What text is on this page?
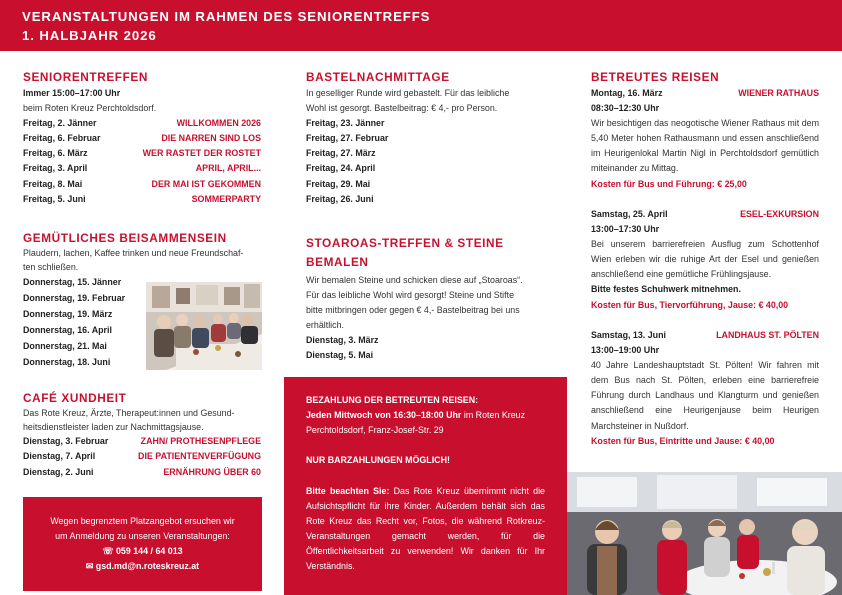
VERANSTALTUNGEN IM RAHMEN DES SENIORENTREFFS
1. HALBJAHR 2026
SENIORENTREFFEN
Immer 15:00–17:00 Uhr
beim Roten Kreuz Perchtoldsdorf.
Freitag, 2. Jänner	WILLKOMMEN 2026
Freitag, 6. Februar	DIE NARREN SIND LOS
Freitag, 6. März	WER RASTET DER ROSTET
Freitag, 3. April	APRIL, APRIL...
Freitag, 8. Mai	DER MAI IST GEKOMMEN
Freitag, 5. Juni	SOMMERPARTY
GEMÜTLICHES BEISAMMENSEIN
Plaudern, lachen, Kaffee trinken und neue Freundschaf-
ten schließen.
Donnerstag, 15. Jänner
Donnerstag, 19. Februar
Donnerstag, 19. März
Donnerstag, 16. April
Donnerstag, 21. Mai
Donnerstag, 18. Juni
CAFÉ XUNDHEIT
Das Rote Kreuz, Ärzte, Therapeut:innen und Gesund-
heitsdienstleister laden zur Nachmittagsjause.
Dienstag, 3. Februar	ZAHN/ PROTHESENPFLEGE
Dienstag, 7. April	DIE PATIENTENVERFÜGUNG
Dienstag, 2. Juni	ERNÄHRUNG ÜBER 60
Wegen begrenztem Platzangebot ersuchen wir
um Anmeldung zu unseren Veranstaltungen:
☏ 059 144 / 64 013
✉ gsd.md@n.roteskreuz.at
BASTELNACHMITTAGE
In geselliger Runde wird gebastelt. Für das leibliche
Wohl ist gesorgt. Bastelbeitrag: € 4,- pro Person.
Freitag, 23. Jänner
Freitag, 27. Februar
Freitag, 27. März
Freitag, 24. April
Freitag, 29. Mai
Freitag, 26. Juni
STOAROAS-TREFFEN & STEINE
BEMALEN
Wir bemalen Steine und schicken diese auf „Stoaroas“.
Für das leibliche Wohl wird gesorgt! Steine und Stifte
bitte mitbringen oder gegen € 4,- Bastelbeitrag bei uns
erhältlich.
Dienstag, 3. März
Dienstag, 5. Mai
BEZAHLUNG DER BETREUTEN REISEN:
Jeden Mittwoch von 16:30–18:00 Uhr im Roten Kreuz
Perchtoldsdorf, Franz-Josef-Str. 29
NUR BARZAHLUNGEN MÖGLICH!
Bitte beachten Sie: Das Rote Kreuz übernimmt nicht die Aufsichtspflicht für ihre Kinder. Außerdem behält sich das Rote Kreuz das Recht vor, Fotos, die während Rotkreuz-Veranstaltungen gemacht werden, für die Öffentlichkeitsarbeit zu verwenden! Wir danken für Ihr Verständnis.
BETREUTES REISEN
Montag, 16. März	WIENER RATHAUS
08:30–12:30 Uhr
Wir besichtigen das neogotische Wiener Rathaus mit dem 5,40 Meter hohen Rathausmann und essen anschließend im Heurigenlokal Martin Nigl in Perchtoldsdorf gemütlich miteinander zu Mittag.
Kosten für Bus und Führung: € 25,00
Samstag, 25. April	ESEL-EXKURSION
13:00–17:30 Uhr
Bei unserem barrierefreien Ausflug zum Schottenhof Wien erleben wir die ruhige Art der Esel und genießen anschließend eine gemütliche Frühlingsjause.
Bitte festes Schuhwerk mitnehmen.
Kosten für Bus, Tiervorführung, Jause: € 40,00
Samstag, 13. Juni	LANDHAUS ST. PÖLTEN
13:00–19:00 Uhr
40 Jahre Landeshauptstadt St. Pölten! Wir fahren mit dem Bus nach St. Pölten, erleben eine barrierefreie Führung durch Landhaus und Klangturm und genießen anschließend eine Heurigenjause beim Heurigen Marchsteiner in Nußdorf.
Kosten für Bus, Eintritte und Jause: € 40,00
